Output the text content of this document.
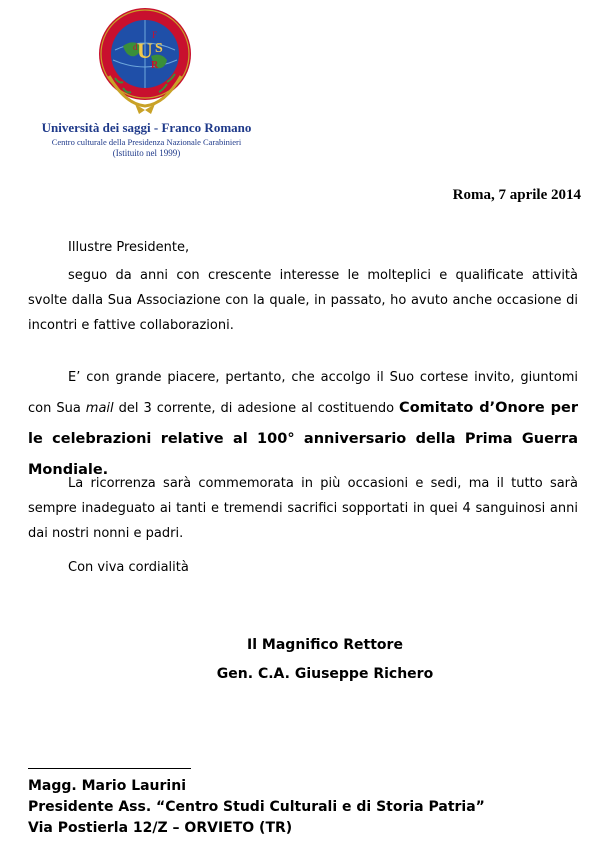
U
d S
F
R
Università dei saggi - Franco Romano
Centro culturale della Presidenza Nazionale Carabinieri
(Istituito nel 1999)
Roma, 7 aprile 2014
Illustre Presidente,

seguo da anni con crescente interesse le molteplici e qualificate attività svolte dalla Sua Associazione con la quale, in passato, ho avuto anche occasione di incontri e fattive collaborazioni.

E’ con grande piacere, pertanto, che accolgo il Suo cortese invito, giuntomi con Sua mail del 3 corrente, di adesione al costituendo Comitato d’Onore per le celebrazioni relative al 100° anniversario della Prima Guerra Mondiale.

La ricorrenza sarà commemorata in più occasioni e sedi, ma il tutto sarà sempre inadeguato ai tanti e tremendi sacrifici sopportati in quei 4 sanguinosi anni dai nostri nonni e padri.

Con viva cordialità
Il Magnifico Rettore
Gen. C.A. Giuseppe Richero
Magg. Mario Laurini
Presidente Ass. “Centro Studi Culturali e di Storia Patria”
Via Postierla 12/Z – ORVIETO (TR)
